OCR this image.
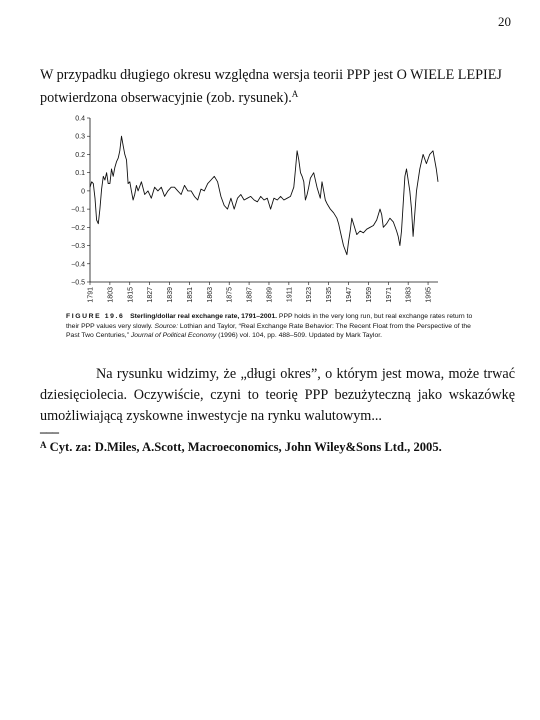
20

W przypadku długiego okresu względna wersja teorii PPP jest O WIELE LEPIEJ potwierdzona obserwacyjnie (zob. rysunek).$^A$

0.4
0.3
0.2
0.1
0
−0.1
−0.2
−0.3
−0.4
−0.5
1791 1803 1815 1827 1839 1851 1863 1875 1887 1899 1911 1923 1935 1947 1959 1971 1983 1995
FIGURE 19.6 Sterling/dollar real exchange rate, 1791–2001. PPP holds in the very long run, but real exchange rates return to their PPP values very slowly. Source: Lothian and Taylor, “Real Exchange Rate Behavior: The Recent Float from the Perspective of the Past Two Centuries,” Journal of Political Economy (1996) vol. 104, pp. 488–509. Updated by Mark Taylor.

Na rysunku widzimy, że „długi okres”, o którym jest mowa, może trwać dziesięciolecia. Oczywiście, czyni to teorię PPP bezużyteczną jako wskazówkę umożliwiającą zyskowne inwestycje na rynku walutowym...

–––

$^A$ Cyt. za: D.Miles, A.Scott, Macroeconomics, John Wiley&Sons Ltd., 2005.
